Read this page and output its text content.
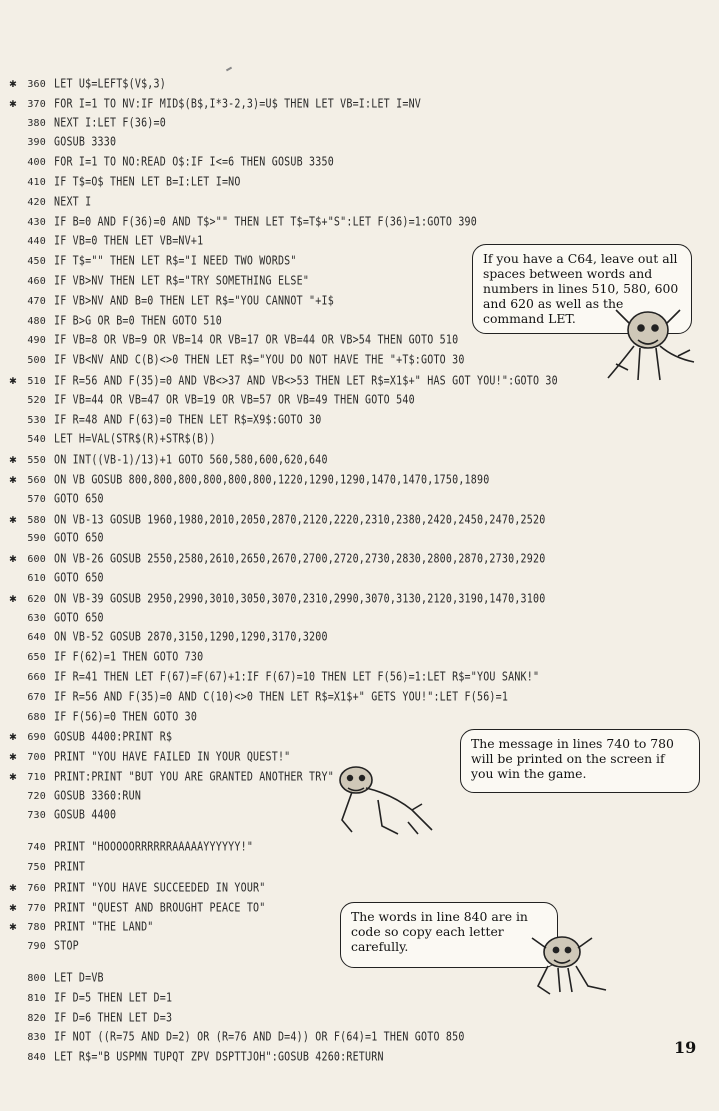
✱	360 LET U$=LEFT$(V$,3)
✱	370 FOR I=1 TO NV:IF MID$(B$,I*3-2,3)=U$ THEN LET VB=I:LET I=NV
380 NEXT I:LET F(36)=0
390 GOSUB 3330
400 FOR I=1 TO NO:READ O$:IF I<=6 THEN GOSUB 3350
410 IF T$=O$ THEN LET B=I:LET I=NO
420 NEXT I
430 IF B=0 AND F(36)=0 AND T$>"" THEN LET T$=T$+"S":LET F(36)=1:GOTO 390
440 IF VB=0 THEN LET VB=NV+1
450 IF T$="" THEN LET R$="I NEED TWO WORDS"
460 IF VB>NV THEN LET R$="TRY SOMETHING ELSE"
470 IF VB>NV AND B=0 THEN LET R$="YOU CANNOT "+I$
480 IF B>G OR B=0 THEN GOTO 510
490 IF VB=8 OR VB=9 OR VB=14 OR VB=17 OR VB=44 OR VB>54 THEN GOTO 510
500 IF VB<NV AND C(B)<>0 THEN LET R$="YOU DO NOT HAVE THE "+T$:GOTO 30
✱	510 IF R=56 AND F(35)=0 AND VB<>37 AND VB<>53 THEN LET R$=X1$+" HAS GOT YOU!":GOTO 30
520 IF VB=44 OR VB=47 OR VB=19 OR VB=57 OR VB=49 THEN GOTO 540
530 IF R=48 AND F(63)=0 THEN LET R$=X9$:GOTO 30
540 LET H=VAL(STR$(R)+STR$(B))
✱	550 ON INT((VB-1)/13)+1 GOTO 560,580,600,620,640
✱	560 ON VB GOSUB 800,800,800,800,800,800,1220,1290,1290,1470,1470,1750,1890
570 GOTO 650
✱	580 ON VB-13 GOSUB 1960,1980,2010,2050,2870,2120,2220,2310,2380,2420,2450,2470,2520
590 GOTO 650
✱	600 ON VB-26 GOSUB 2550,2580,2610,2650,2670,2700,2720,2730,2830,2800,2870,2730,2920
610 GOTO 650
✱	620 ON VB-39 GOSUB 2950,2990,3010,3050,3070,2310,2990,3070,3130,2120,3190,1470,3100
630 GOTO 650
640 ON VB-52 GOSUB 2870,3150,1290,1290,3170,3200
650 IF F(62)=1 THEN GOTO 730
660 IF R=41 THEN LET F(67)=F(67)+1:IF F(67)=10 THEN LET F(56)=1:LET R$="YOU SANK!"
670 IF R=56 AND F(35)=0 AND C(10)<>0 THEN LET R$=X1$+" GETS YOU!":LET F(56)=1
680 IF F(56)=0 THEN GOTO 30
✱	690 GOSUB 4400:PRINT R$
✱	700 PRINT "YOU HAVE FAILED IN YOUR QUEST!"
✱	710 PRINT:PRINT "BUT YOU ARE GRANTED ANOTHER TRY"
720 GOSUB 3360:RUN
730 GOSUB 4400
740 PRINT "HOOOOORRRRRRAAAAAYYYYYY!"
750 PRINT
✱	760 PRINT "YOU HAVE SUCCEEDED IN YOUR"
✱	770 PRINT "QUEST AND BROUGHT PEACE TO"
✱	780 PRINT "THE LAND"
790 STOP
800 LET D=VB
810 IF D=5 THEN LET D=1
820 IF D=6 THEN LET D=3
830 IF NOT ((R=75 AND D=2) OR (R=76 AND D=4)) OR F(64)=1 THEN GOTO 850
840 LET R$="B USPMN TUPQT ZPV DSPTTJOH":GOSUB 4260:RETURN

If you have a C64, leave out all spaces between words and numbers in lines 510, 580, 600 and 620 as well as the command LET.

The message in lines 740 to 780 will be printed on the screen if you win the game.

The words in line 840 are in code so copy each letter carefully.

19
